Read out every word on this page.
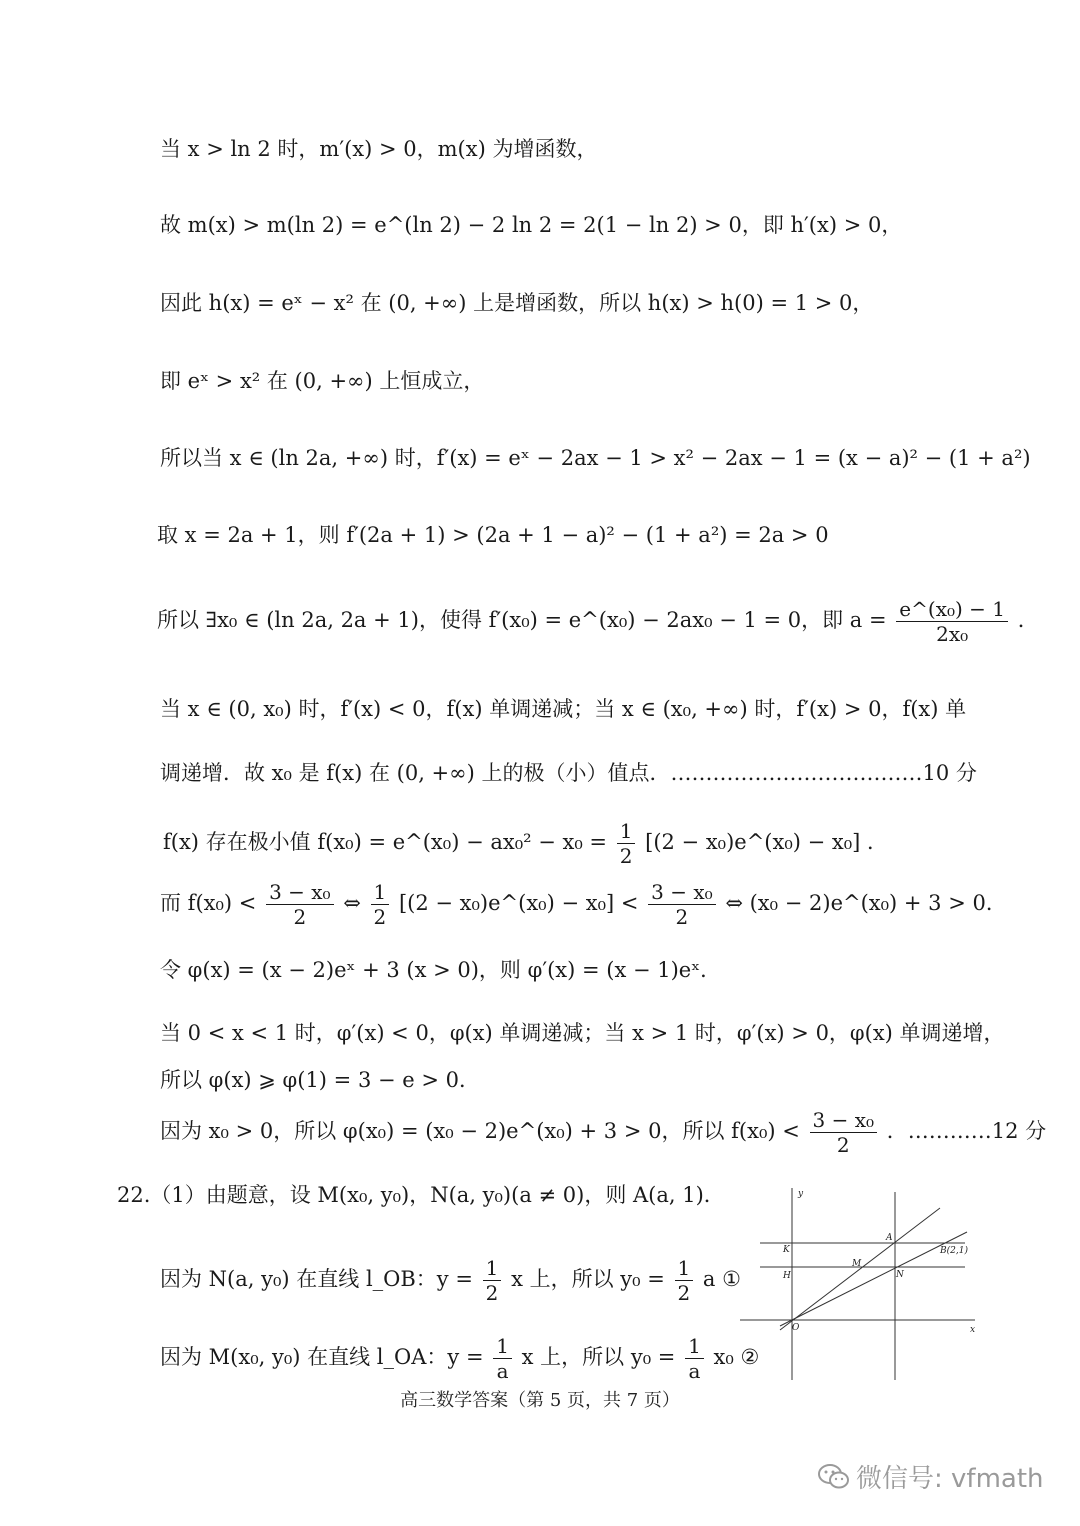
当 x > ln 2 时，m′(x) > 0，m(x) 为增函数，
故 m(x) > m(ln 2) = e^(ln 2) − 2 ln 2 = 2(1 − ln 2) > 0，即 h′(x) > 0，
因此 h(x) = eˣ − x² 在 (0, +∞) 上是增函数，所以 h(x) > h(0) = 1 > 0，
即 eˣ > x² 在 (0, +∞) 上恒成立，
所以当 x ∈ (ln 2a, +∞) 时，f′(x) = eˣ − 2ax − 1 > x² − 2ax − 1 = (x − a)² − (1 + a²)
取 x = 2a + 1，则 f′(2a + 1) > (2a + 1 − a)² − (1 + a²) = 2a > 0
所以 ∃x₀ ∈ (ln 2a, 2a + 1)，使得 f′(x₀) = e^(x₀) − 2ax₀ − 1 = 0，即 $a = \frac{\text{e\textasciicircum{}(x₀) − 1}}{\text{2x₀}}$ ．
当 x ∈ (0, x₀) 时，f′(x) < 0，f(x) 单调递减；当 x ∈ (x₀, +∞) 时，f′(x) > 0，f(x) 单
调递增．故 x₀ 是 f(x) 在 (0, +∞) 上的极（小）值点．………………………………10 分
f(x) 存在极小值 f(x₀) = e^(x₀) − $ax_0^2 - x_0 = \frac{1}{2} [(2$ − x₀)e^(x₀) − x₀] ．
而 $f(x_0) < \frac{\text{3 − x₀}}{2}$ ⇔ $\frac{1}{2} [(2$ − x₀)e^(x₀) − $x_0] < \frac{\text{3 − x₀}}{2}$ ⇔ (x₀ − 2)e^(x₀) + 3 > 0．
令 φ(x) = (x − 2)eˣ + 3 (x > 0)，则 φ′(x) = (x − 1)eˣ．
当 0 < x < 1 时，φ′(x) < 0，φ(x) 单调递减；当 x > 1 时，φ′(x) > 0，φ(x) 单调递增，
所以 φ(x) ⩾ φ(1) = 3 − e > 0．
因为 x₀ > 0，所以 φ(x₀) = (x₀ − 2)e^(x₀) + 3 > 0，所以 $f(x_0) < \frac{\text{3 − x₀}}{2}$ ．…………12 分
22.（1）由题意，设 M(x₀, y₀)，N(a, y₀)(a ≠ 0)，则 A(a, 1)．
因为 N(a, y₀) 在直线 l_OB：$y = \frac{1}{2}$ x 上，所以 $y_0 = \frac{1}{2}$ a ①
因为 M(x₀, y₀) 在直线 l_OA：$y = \frac{1}{a}$ x 上，所以 $y_0 = \frac{1}{a} x_0$ ②
y
x
O
A
B(2,1)
K
H
M
N
高三数学答案（第 5 页，共 7 页）
微信号: vfmath
